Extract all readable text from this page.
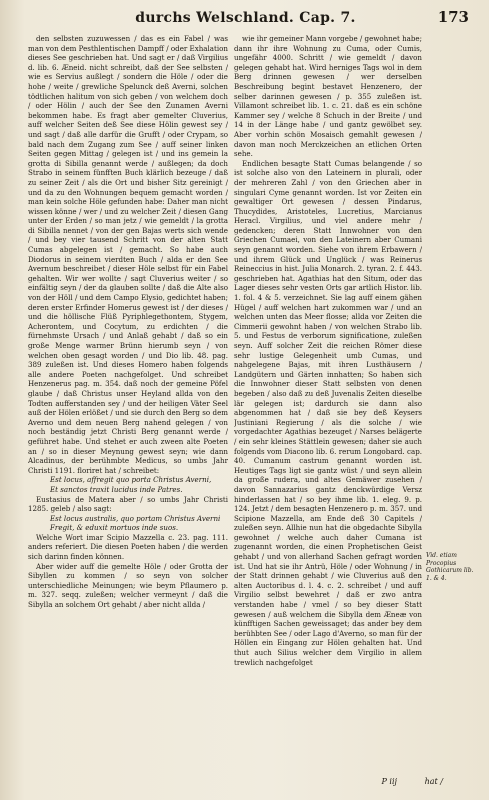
durchs Welschland. Cap. 7.	173

den selbsten zuzuwessen / das es ein Fabel / was man von dem Pesthlentischen Dampff / oder Exhalation dieses See geschrieben hat. Und sagt er / daß Virgilius d. lib. 6. Æneid. nicht schreibt, daß der See selbsten / wie es Servius außlegt / sondern die Höle / oder die hohe / weite / grewliche Spelunck deß Averni, solchen tödtlichen halitum von sich geben / von welchem doch / oder Hölin / auch der See den Zunamen Averni bekommen habe. Es fragt aber gemelter Cluverius, auff welcher Seiten deß See diese Hölin gewest sey / und sagt / daß alle darfür die Grufft / oder Crypam, so bald nach dem Zugang zum See / auff seiner linken Seiten gegen Mittag / gelegen ist / und ins gemein la grotta di Sibilla genannt werde / außlegen; da doch Strabo in seinem fünfften Buch klärlich bezeuge / daß zu seiner Zeit / als die Ort und bisher Sitz gereinigt / und da zu den Wohnungen bequem gemacht worden / man kein solche Höle gefunden habe: Daher man nicht wissen könne / wer / und zu welcher Zeit / diesen Gang unter der Erden / so man jetz / wie gemeldt / la grotta di Sibilla nennet / von der gen Bajas werts sich wende / und bey vier tausend Schritt von der alten Statt Cumas abgelegen ist / gemacht. So habe auch Diodorus in seinem vierdten Buch / alda er den See Avernum beschreibet / dieser Höle selbst für ein Fabel gehalten. Wir wer wollte / sagt Cluverius weiter / so einfältig seyn / der da glauben sollte / daß die Alte also von der Höll / und dem Campo Elysio, gedichtet haben; deren erster Erfinder Homerus gewest ist / der dieses / und die höllische Flüß Pyriphlegethontem, Stygem, Acherontem, und Cocytum, zu erdichten / die fürnehmste Ursach / und Anlaß gehabt / daß so ein große Menge warmer Brünn hierumb seyn / von welchen oben gesagt worden / und Dio lib. 48. pag. 389 zuleßen ist. Und dieses Homero haben folgends alle andere Poeten nachgefolget. Und schreibet Henzenerus pag. m. 354. daß noch der gemeine Pöfel glaube / daß Christus unser Heyland allda von den Todten aufferstanden sey / und der heiligen Väter Seel auß der Hölen erlößet / und sie durch den Berg so dem Averno und dem neuen Berg nahend gelegen / von noch beständig jetzt Christi Berg genannt werde / geführet habe. Und stehet er auch zween alte Poeten an / so in dieser Meynung gewest seyn; wie dann Alcadinus, der berühmbte Medicus, so umbs Jahr Christi 1191. floriret hat / schreibet:

Est locus, affregit quo porta Christus Averni,

Et sanctos traxit lucidus inde Patres.

Eustasius de Matera aber / so umbs Jahr Christi 1285. geleb / also sagt:

Est locus australis, quo portam Christus Averni

Fregit, & eduxit mortuos inde suos.

Welche Wort imar Scipio Mazzella c. 23. pag. 111. anders referiert. Die diesen Poeten haben / die werden sich darinn finden können.

Aber wider auff die gemelte Höle / oder Grotta der Sibyllen zu kommen / so seyn von solcher unterschiedliche Meinungen; wie beym Pflaumero p. m. 327. seqq. zuleßen; welcher vermeynt / daß die Sibylla an solchem Ort gehabt / aber nicht allda /

wie ihr gemeiner Mann vorgebe / gewohnet habe; dann ihr ihre Wohnung zu Cuma, oder Cumis, ungefähr 4000. Schritt / wie gemeldt / davon gelegen gehabt hat. Wird herniges Tags wol in dem Berg drinnen gewesen / wer derselben Beschreibung begint bestavet Henzenero, der selber darinnen gewesen / p. 355 zuleßen ist. Villamont schreibet lib. 1. c. 21. daß es ein schöne Kammer sey / welche 8 Schuch in der Breite / und 14 in der Länge habe / und gantz gewölbet sey. Aber vorhin schön Mosaisch gemahlt gewesen / davon man noch Merckzeichen an etlichen Orten sehe.

Endlichen besagte Statt Cumas belangende / so ist solche also von den Lateinern in plurali, oder der mehreren Zahl / von den Griechen aber in singulari Cyme genannt worden. Ist vor Zeiten ein gewaltiger Ort gewesen / dessen Pindarus, Thucydides, Aristoteles, Lucretius, Marcianus Heracl. Virgilius, und viel andere mehr / gedencken; deren Statt Innwohner von den Griechen Cumaei, von den Lateinern aber Cumani seyn genannt worden. Siehe von ihrem Erbawern / und ihrem Glück und Unglück / was Reinerus Reineccius in hist. Julia Monarch. 2. tyran. 2. f. 443. geschrieben hat. Agathias hat den Situm, oder das Lager dieses sehr vesten Orts gar artlich Histor. lib. 1. fol. 4 & 5. verzeichnet. Sie lag auff einem gähen Hügel / auff welchen hart zukommen war / und an welchen unten das Meer flosse; allda vor Zeiten die Cimmerii gewohnt haben / von welchen Strabo lib. 5. und Festus de verborum significatione, zuleßen seyn. Auff solcher Zeit die reichen Römer diese sehr lustige Gelegenheit umb Cumas, und nahgelegene Bajas, mit ihren Lusthäusern / Landgütern und Gärten innhatten; So haben sich die Innwohner dieser Statt selbsten von denen begeben / also daß zu deß Juvenalis Zeiten dieselbe lär gelegen ist; dardurch sie dann also abgenommen hat / daß sie bey deß Keysers Justiniani Regierung / als die solche / wie vorgedachter Agathias bezeuget / Narses belägerte / ein sehr kleines Stättlein gewesen; daher sie auch folgends vom Diacono lib. 6. rerum Longobard. cap. 40. Cumanum castrum genannt worden ist. Heutiges Tags ligt sie gantz wüst / und seyn allein da große rudera, und altes Gemäwer zusehen / davon Sannazarius gantz denckwürdige Versz hinderlassen hat / so bey ihme lib. 1. eleg. 9. p. 124. Jetzt / dem besagten Henzenero p. m. 357. und Scipione Mazzella, am Ende deß 30 Capitels / zuleßen seyn. Allhie nun hat die obgedachte Sibylla gewohnet / welche auch daher Cumana ist zugenannt worden, die einen Prophetischen Geist gehabt / und von allerhand Sachen gefragt worden ist. Und hat sie ihr Antrü, Höle / oder Wohnung / in der Statt drinnen gehabt / wie Cluverius auß den alten Auctoribus d. l. 4. c. 2. schreibet / und auff Virgilio selbst bewehret / daß er zwo antra verstanden habe / vmel / so bey dieser Statt gewesen / auß welchem die Sibylla dem Æneæ von künfftigen Sachen geweissaget; das ander bey dem berühbten See / oder Lago d'Averno, so man für der Höllen ein Eingang zur Hölen gehalten hat. Und thut auch Silius welcher dem Virgilio in allem trewlich nachgefolget

Vid. etiam Procopius Gothicarum lib. 1. & 4.
P iij	hat /
